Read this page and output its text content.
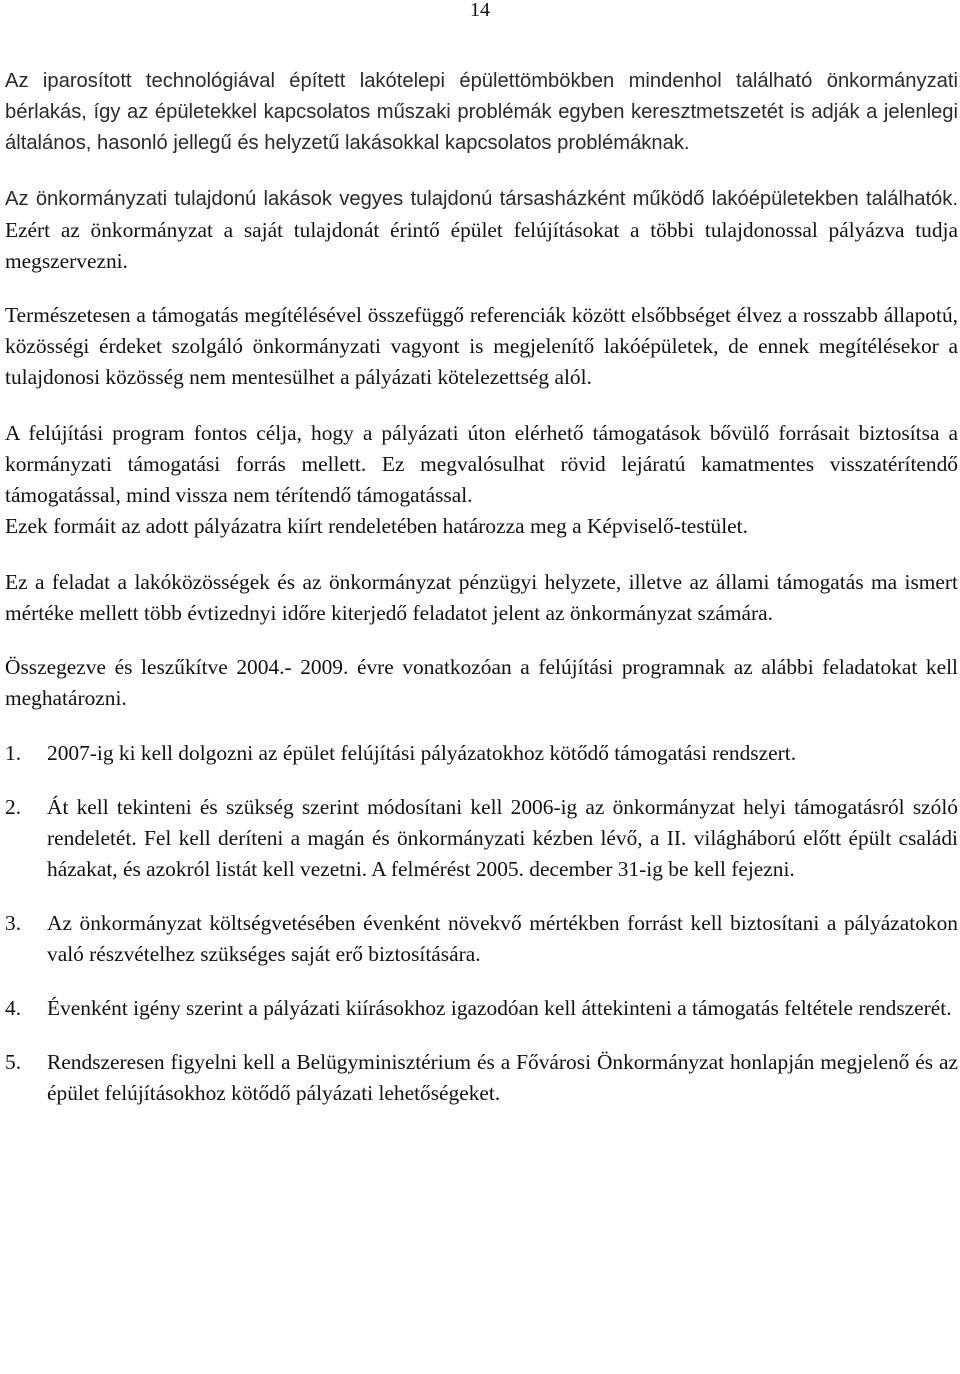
14

Az iparosított technológiával épített lakótelepi épülettömbökben mindenhol található önkormányzati bérlakás, így az épületekkel kapcsolatos műszaki problémák egyben keresztmetszetét is adják a jelenlegi általános, hasonló jellegű és helyzetű lakásokkal kapcsolatos problémáknak.

Az önkormányzati tulajdonú lakások vegyes tulajdonú társasházként működő lakóépületekben találhatók. Ezért az önkormányzat a saját tulajdonát érintő épület felújításokat a többi tulajdonossal pályázva tudja megszervezni.

Természetesen a támogatás megítélésével összefüggő referenciák között elsőbbséget élvez a rosszabb állapotú, közösségi érdeket szolgáló önkormányzati vagyont is megjelenítő lakóépületek, de ennek megítélésekor a tulajdonosi közösség nem mentesülhet a pályázati kötelezettség alól.

A felújítási program fontos célja, hogy a pályázati úton elérhető támogatások bővülő forrásait biztosítsa a kormányzati támogatási forrás mellett. Ez megvalósulhat rövid lejáratú kamatmentes visszatérítendő támogatással, mind vissza nem térítendő támogatással.

Ezek formáit az adott pályázatra kiírt rendeletében határozza meg a Képviselő-testület.

Ez a feladat a lakóközösségek és az önkormányzat pénzügyi helyzete, illetve az állami támogatás ma ismert mértéke mellett több évtizednyi időre kiterjedő feladatot jelent az önkormányzat számára.

Összegezve és leszűkítve 2004.- 2009. évre vonatkozóan a felújítási programnak az alábbi feladatokat kell meghatározni.

1. 2007-ig ki kell dolgozni az épület felújítási pályázatokhoz kötődő támogatási rendszert.
2. Át kell tekinteni és szükség szerint módosítani kell 2006-ig az önkormányzat helyi támogatásról szóló rendeletét. Fel kell deríteni a magán és önkormányzati kézben lévő, a II. világháború előtt épült családi házakat, és azokról listát kell vezetni. A felmérést 2005. december 31-ig be kell fejezni.
3. Az önkormányzat költségvetésében évenként növekvő mértékben forrást kell biztosítani a pályázatokon való részvételhez szükséges saját erő biztosítására.
4. Évenként igény szerint a pályázati kiírásokhoz igazodóan kell áttekinteni a támogatás feltétele rendszerét.
5. Rendszeresen figyelni kell a Belügyminisztérium és a Fővárosi Önkormányzat honlapján megjelenő és az épület felújításokhoz kötődő pályázati lehetőségeket.
